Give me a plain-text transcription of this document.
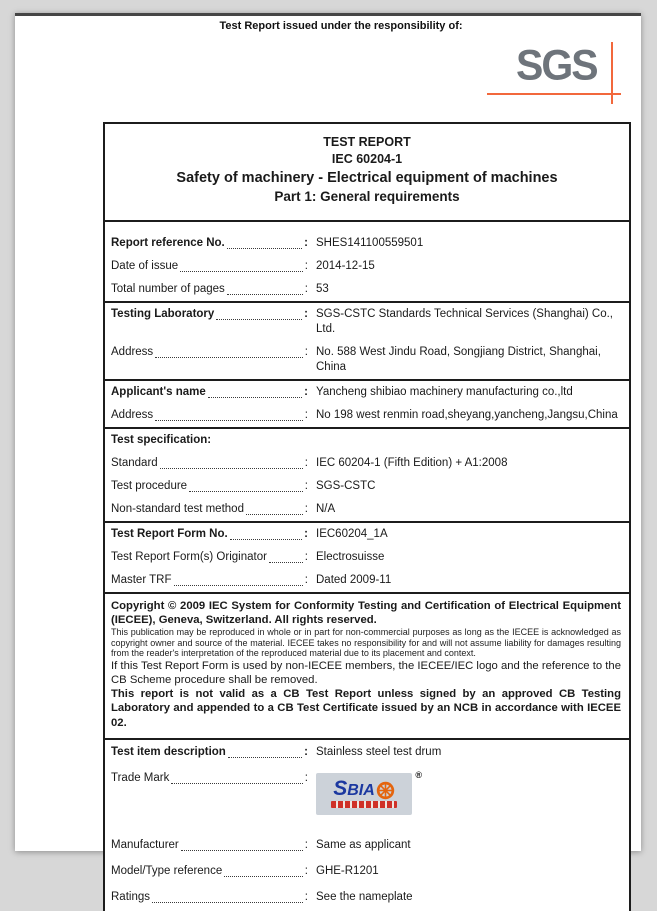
Test Report issued under the responsibility of:
SGS
TEST REPORT
IEC 60204-1
Safety of machinery - Electrical equipment of machines
Part 1: General requirements
Report reference No.
:	SHES141100559501
Date of issue
:	2014-12-15
Total number of pages
:	53
Testing Laboratory
:	SGS-CSTC Standards Technical Services (Shanghai) Co., Ltd.
Address
:	No. 588 West Jindu Road, Songjiang District, Shanghai, China
Applicant's name
:	Yancheng shibiao machinery manufacturing co.,ltd
Address
:	No 198 west renmin road,sheyang,yancheng,Jangsu,China
Test specification:
Standard
:	IEC 60204-1 (Fifth Edition) + A1:2008
Test procedure
:	SGS-CSTC
Non-standard test method
:	N/A
Test Report Form No.
:	IEC60204_1A
Test Report Form(s) Originator
:	Electrosuisse
Master TRF
:	Dated 2009-11
Copyright © 2009 IEC System for Conformity Testing and Certification of Electrical Equipment (IECEE), Geneva, Switzerland. All rights reserved.
This publication may be reproduced in whole or in part for non-commercial purposes as long as the IECEE is acknowledged as copyright owner and source of the material. IECEE takes no responsibility for and will not assume liability for damages resulting from the reader's interpretation of the reproduced material due to its placement and context.
If this Test Report Form is used by non-IECEE members, the IECEE/IEC logo and the reference to the CB Scheme procedure shall be removed.
This report is not valid as a CB Test Report unless signed by an approved CB Testing Laboratory and appended to a CB Test Certificate issued by an NCB in accordance with IECEE 02.
Test item description
:	Stainless steel test drum
Trade Mark
:	SBIA
®
Manufacturer
:	Same as applicant
Model/Type reference
:	GHE-R1201
Ratings
:	See the nameplate
